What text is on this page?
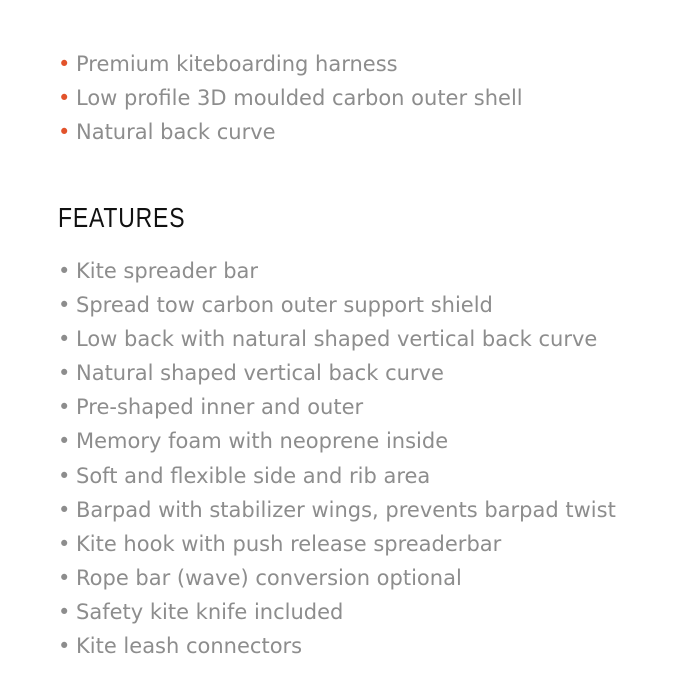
• Premium kiteboarding harness
• Low profile 3D moulded carbon outer shell
• Natural back curve
FEATURES
• Kite spreader bar
• Spread tow carbon outer support shield
• Low back with natural shaped vertical back curve
• Natural shaped vertical back curve
• Pre-shaped inner and outer
• Memory foam with neoprene inside
• Soft and flexible side and rib area
• Barpad with stabilizer wings, prevents barpad twist
• Kite hook with push release spreaderbar
• Rope bar (wave) conversion optional
• Safety kite knife included
• Kite leash connectors
